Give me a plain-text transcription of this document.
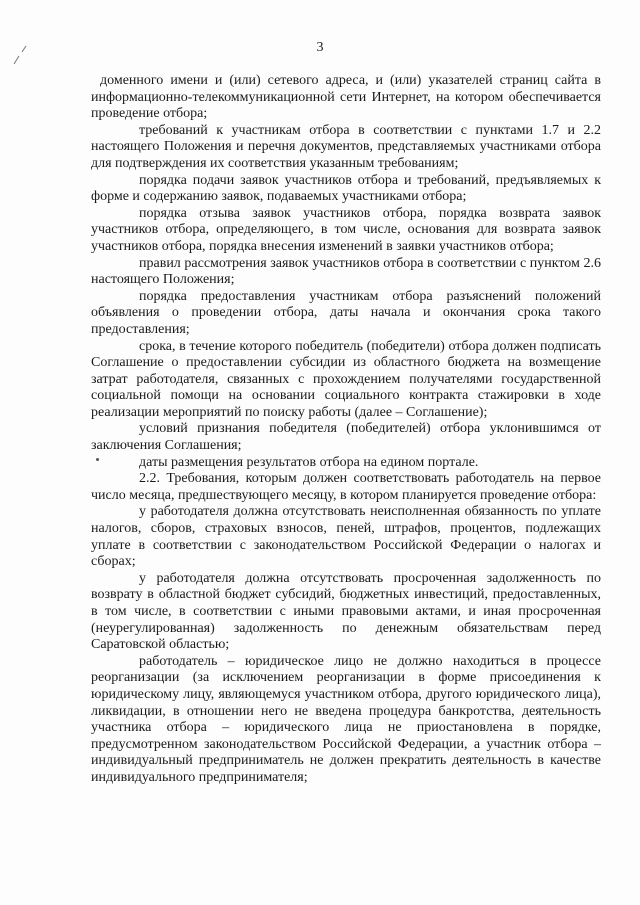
3

доменного имени и (или) сетевого адреса, и (или) указателей страниц сайта в информационно-телекоммуникационной сети Интернет, на котором обеспечивается проведение отбора;

требований к участникам отбора в соответствии с пунктами 1.7 и 2.2 настоящего Положения и перечня документов, представляемых участниками отбора для подтверждения их соответствия указанным требованиям;

порядка подачи заявок участников отбора и требований, предъявляемых к форме и содержанию заявок, подаваемых участниками отбора;

порядка отзыва заявок участников отбора, порядка возврата заявок участников отбора, определяющего, в том числе, основания для возврата заявок участников отбора, порядка внесения изменений в заявки участников отбора;

правил рассмотрения заявок участников отбора в соответствии с пунктом 2.6 настоящего Положения;

порядка предоставления участникам отбора разъяснений положений объявления о проведении отбора, даты начала и окончания срока такого предоставления;

срока, в течение которого победитель (победители) отбора должен подписать Соглашение о предоставлении субсидии из областного бюджета на возмещение затрат работодателя, связанных с прохождением получателями государственной социальной помощи на основании социального контракта стажировки в ходе реализации мероприятий по поиску работы (далее – Соглашение);

условий признания победителя (победителей) отбора уклонившимся от заключения Соглашения;

даты размещения результатов отбора на едином портале.

2.2. Требования, которым должен соответствовать работодатель на первое число месяца, предшествующего месяцу, в котором планируется проведение отбора:

у работодателя должна отсутствовать неисполненная обязанность по уплате налогов, сборов, страховых взносов, пеней, штрафов, процентов, подлежащих уплате в соответствии с законодательством Российской Федерации о налогах и сборах;

у работодателя должна отсутствовать просроченная задолженность по возврату в областной бюджет субсидий, бюджетных инвестиций, предоставленных, в том числе, в соответствии с иными правовыми актами, и иная просроченная (неурегулированная) задолженность по денежным обязательствам перед Саратовской областью;

работодатель – юридическое лицо не должно находиться в процессе реорганизации (за исключением реорганизации в форме присоединения к юридическому лицу, являющемуся участником отбора, другого юридического лица), ликвидации, в отношении него не введена процедура банкротства, деятельность участника отбора – юридического лица не приостановлена в порядке, предусмотренном законодательством Российской Федерации, а участник отбора – индивидуальный предприниматель не должен прекратить деятельность в качестве индивидуального предпринимателя;
